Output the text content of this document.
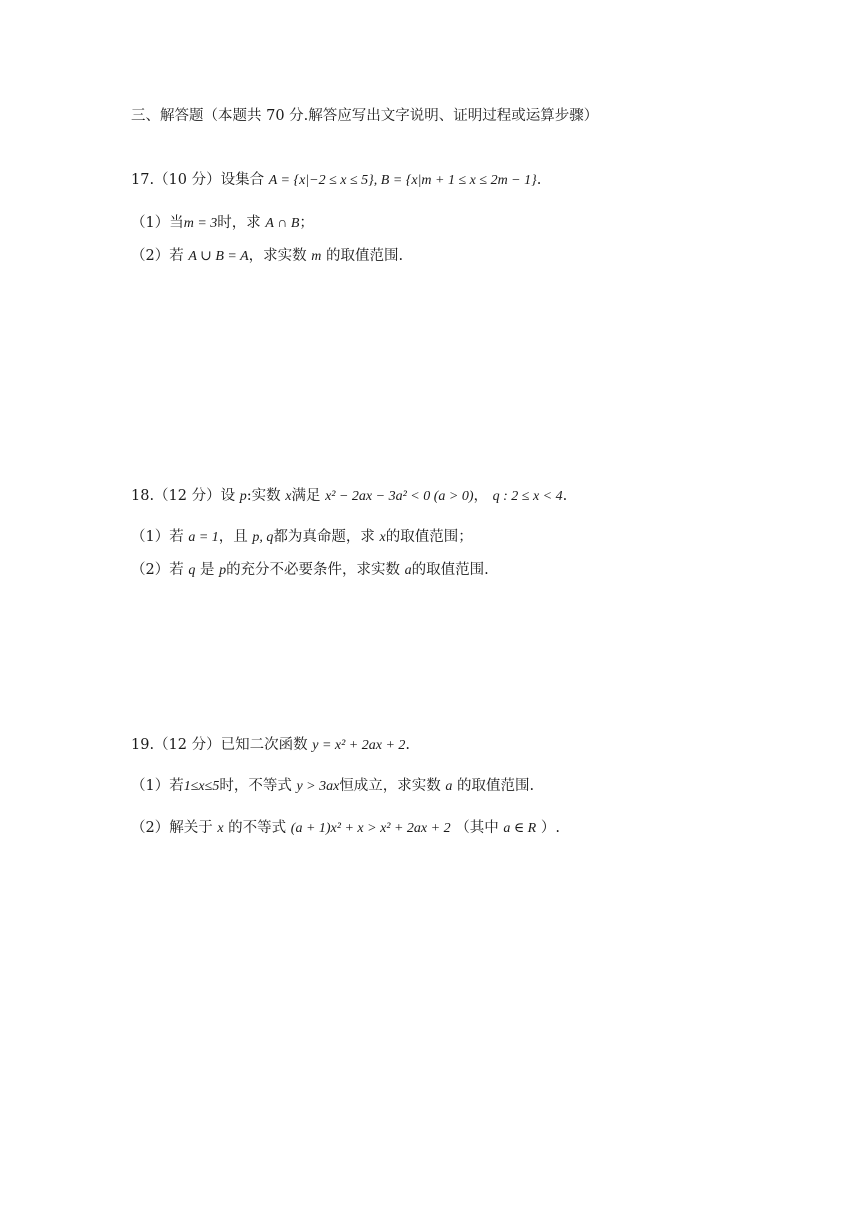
三、解答题（本题共 70 分.解答应写出文字说明、证明过程或运算步骤）
17.（10 分）设集合 A = {x|−2 ≤ x ≤ 5}, B = {x|m + 1 ≤ x ≤ 2m − 1}.
（1）当m = 3时，求 A ∩ B；
（2）若 A ∪ B = A，求实数 m 的取值范围.
18.（12 分）设 p:实数 x满足 x² − 2ax − 3a² < 0 (a > 0)， q : 2 ≤ x < 4.
（1）若 a = 1，且 p, q都为真命题，求 x的取值范围；
（2）若 q 是 p的充分不必要条件，求实数 a的取值范围.
19.（12 分）已知二次函数 y = x² + 2ax + 2.
（1）若1≤x≤5时，不等式 y > 3ax恒成立，求实数 a 的取值范围.
（2）解关于 x 的不等式 (a + 1)x² + x > x² + 2ax + 2 （其中 a ∈ R ）.
